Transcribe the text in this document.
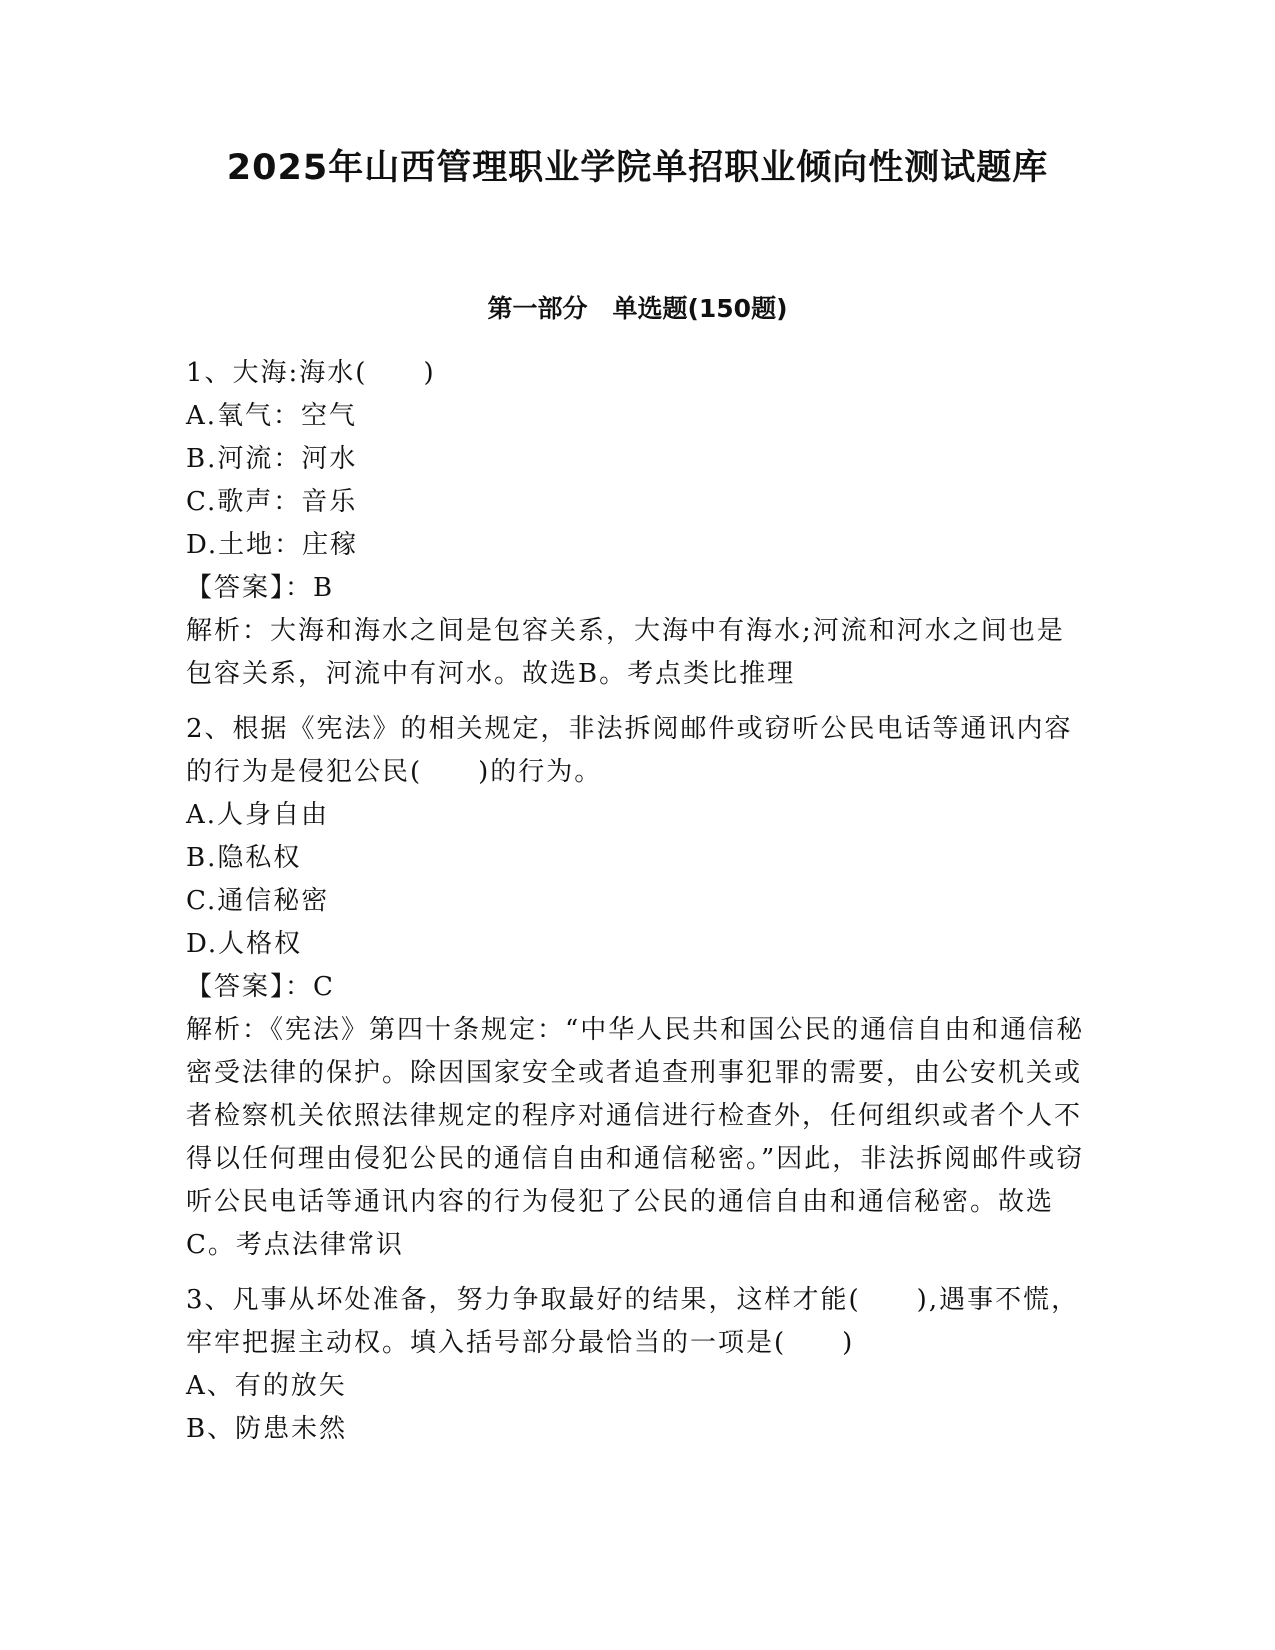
2025年山西管理职业学院单招职业倾向性测试题库
第一部分　单选题(150题)
1、大海:海水(　　)
A.氧气：空气
B.河流：河水
C.歌声：音乐
D.土地：庄稼
【答案】：B
解析：大海和海水之间是包容关系，大海中有海水;河流和河水之间也是包容关系，河流中有河水。故选B。考点类比推理
2、根据《宪法》的相关规定，非法拆阅邮件或窃听公民电话等通讯内容的行为是侵犯公民(　　)的行为。
A.人身自由
B.隐私权
C.通信秘密
D.人格权
【答案】：C
解析：《宪法》第四十条规定：“中华人民共和国公民的通信自由和通信秘密受法律的保护。除因国家安全或者追查刑事犯罪的需要，由公安机关或者检察机关依照法律规定的程序对通信进行检查外，任何组织或者个人不得以任何理由侵犯公民的通信自由和通信秘密。”因此，非法拆阅邮件或窃听公民电话等通讯内容的行为侵犯了公民的通信自由和通信秘密。故选C。考点法律常识
3、凡事从坏处准备，努力争取最好的结果，这样才能(　　),遇事不慌，牢牢把握主动权。填入括号部分最恰当的一项是(　　)
A、有的放矢
B、防患未然
